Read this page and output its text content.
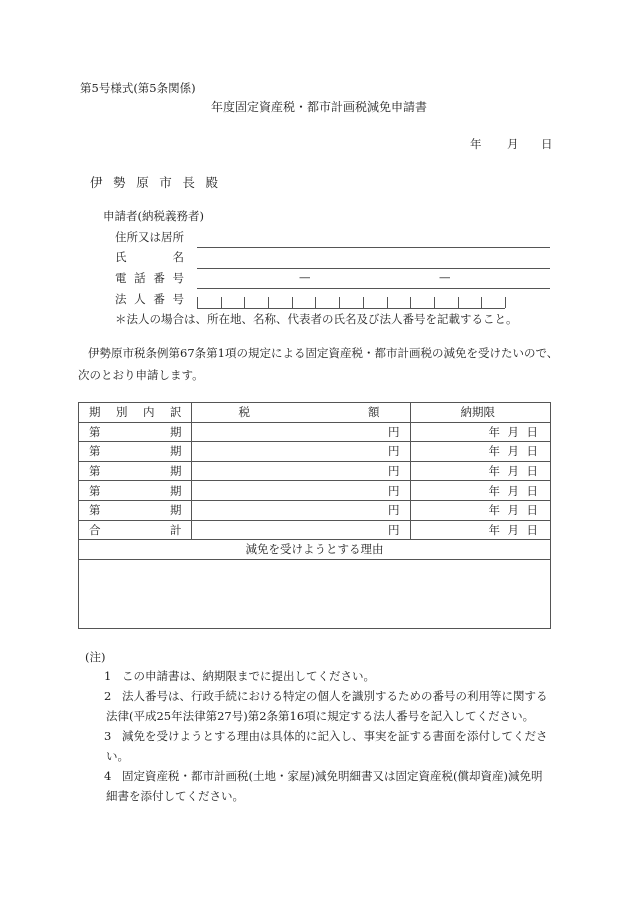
第5号様式(第5条関係)
年度固定資産税・都市計画税減免申請書
年 月 日
伊 勢 原 市 長 殿
申請者(納税義務者)
住所又は居所
氏	名
電 話 番 号	—	—
法 人 番 号
＊法人の場合は、所在地、名称、代表者の氏名及び法人番号を記載すること。
伊勢原市税条例第67条第1項の規定による固定資産税・都市計画税の減免を受けたいので、
次のとおり申請します。
期 別 内 訳	税 額	納 期 限

第 期	円	年 月 日

第 期	円	年 月 日

第 期	円	年 月 日

第 期	円	年 月 日

第 期	円	年 月 日

合 計	円	年 月 日

減免を受けようとする理由		

(注)
1 この申請書は、納期限までに提出してください。
2 法人番号は、行政手続における特定の個人を識別するための番号の利用等に関する
法律(平成25年法律第27号)第2条第16項に規定する法人番号を記入してください。
3 減免を受けようとする理由は具体的に記入し、事実を証する書面を添付してくださ
い。
4 固定資産税・都市計画税(土地・家屋)減免明細書又は固定資産税(償却資産)減免明
細書を添付してください。
